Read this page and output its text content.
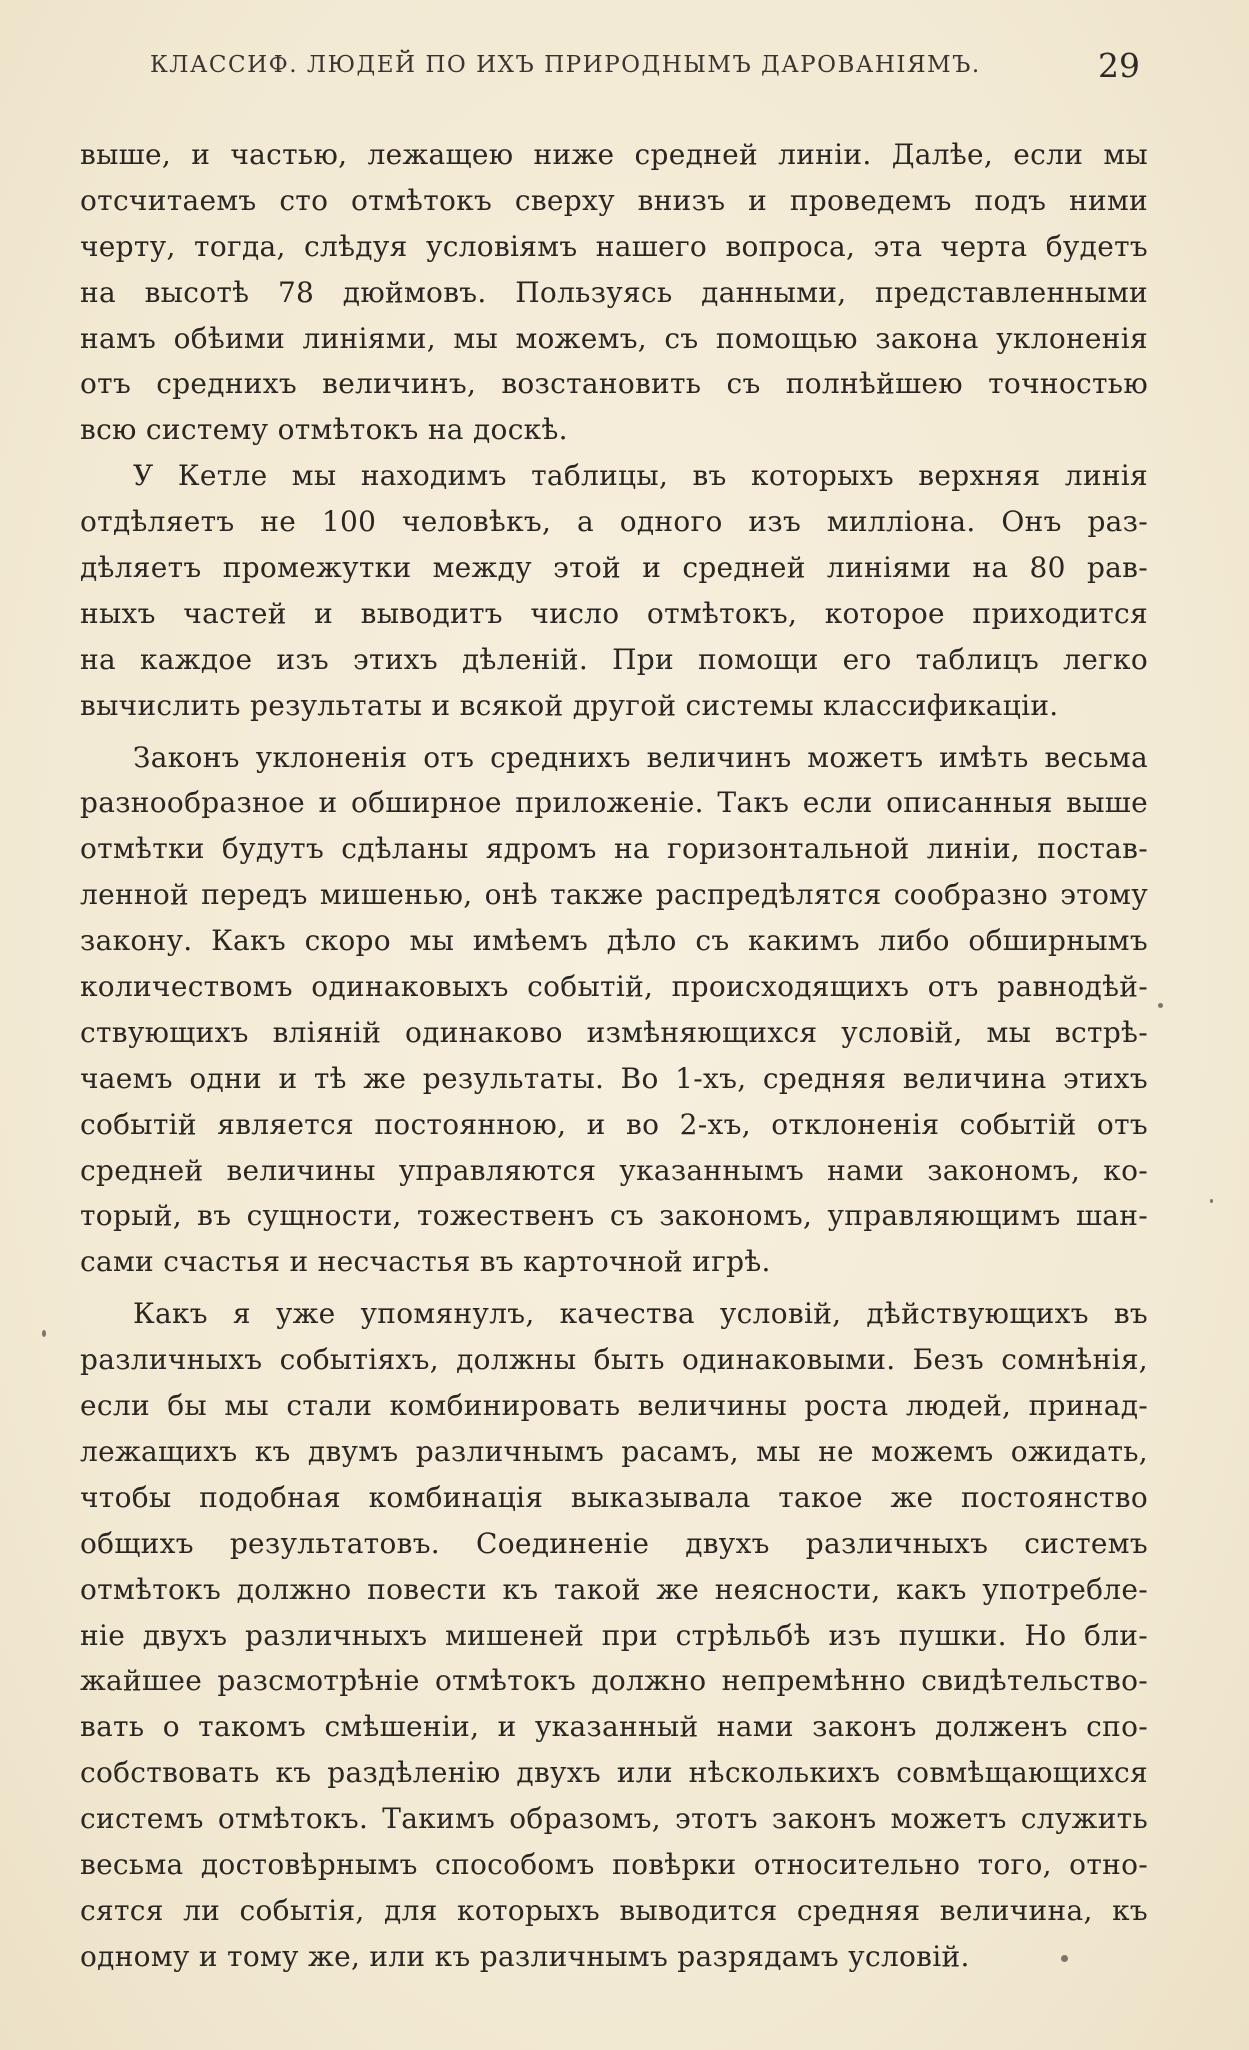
КЛАССИФ. ЛЮДЕЙ ПО ИХЪ ПРИРОДНЫМЪ ДАРОВАНIЯМЪ.	29
выше, и частью, лежащею ниже средней линiи. Далѣе, если мы
отсчитаемъ сто отмѣтокъ сверху внизъ и проведемъ подъ ними
черту, тогда, слѣдуя условiямъ нашего вопроса, эта черта будетъ
на высотѣ 78 дюймовъ. Пользуясь данными, представленными
намъ обѣими линiями, мы можемъ, съ помощью закона уклоненiя
отъ среднихъ величинъ, возстановить съ полнѣйшею точностью
всю систему отмѣтокъ на доскѣ.
У Кетле мы находимъ таблицы, въ которыхъ верхняя линiя
отдѣляетъ не 100 человѣкъ, а одного изъ миллiона. Онъ раз-
дѣляетъ промежутки между этой и средней линiями на 80 рав-
ныхъ частей и выводитъ число отмѣтокъ, которое приходится
на каждое изъ этихъ дѣленiй. При помощи его таблицъ легко
вычислить результаты и всякой другой системы классификацiи.
Законъ уклоненiя отъ среднихъ величинъ можетъ имѣть весьма
разнообразное и обширное приложенiе. Такъ если описанныя выше
отмѣтки будутъ сдѣланы ядромъ на горизонтальной линiи, постав-
ленной передъ мишенью, онѣ также распредѣлятся сообразно этому
закону. Какъ скоро мы имѣемъ дѣло съ какимъ либо обширнымъ
количествомъ одинаковыхъ событiй, происходящихъ отъ равнодѣй-
ствующихъ влiянiй одинаково измѣняющихся условiй, мы встрѣ-
чаемъ одни и тѣ же результаты. Во 1-хъ, средняя величина этихъ
событiй является постоянною, и во 2-хъ, отклоненiя событiй отъ
средней величины управляются указаннымъ нами закономъ, ко-
торый, въ сущности, тожественъ съ закономъ, управляющимъ шан-
сами счастья и несчастья въ карточной игрѣ.
Какъ я уже упомянулъ, качества условiй, дѣйствующихъ въ
различныхъ событiяхъ, должны быть одинаковыми. Безъ сомнѣнiя,
если бы мы стали комбинировать величины роста людей, принад-
лежащихъ къ двумъ различнымъ расамъ, мы не можемъ ожидать,
чтобы подобная комбинацiя выказывала такое же постоянство
общихъ результатовъ. Соединенiе двухъ различныхъ системъ
отмѣтокъ должно повести къ такой же неясности, какъ употребле-
нiе двухъ различныхъ мишеней при стрѣльбѣ изъ пушки. Но бли-
жайшее разсмотрѣнiе отмѣтокъ должно непремѣнно свидѣтельство-
вать о такомъ смѣшенiи, и указанный нами законъ долженъ спо-
собствовать къ раздѣленiю двухъ или нѣсколькихъ совмѣщающихся
системъ отмѣтокъ. Такимъ образомъ, этотъ законъ можетъ служить
весьма достовѣрнымъ способомъ повѣрки относительно того, отно-
сятся ли событiя, для которыхъ выводится средняя величина, къ
одному и тому же, или къ различнымъ разрядамъ условiй.
